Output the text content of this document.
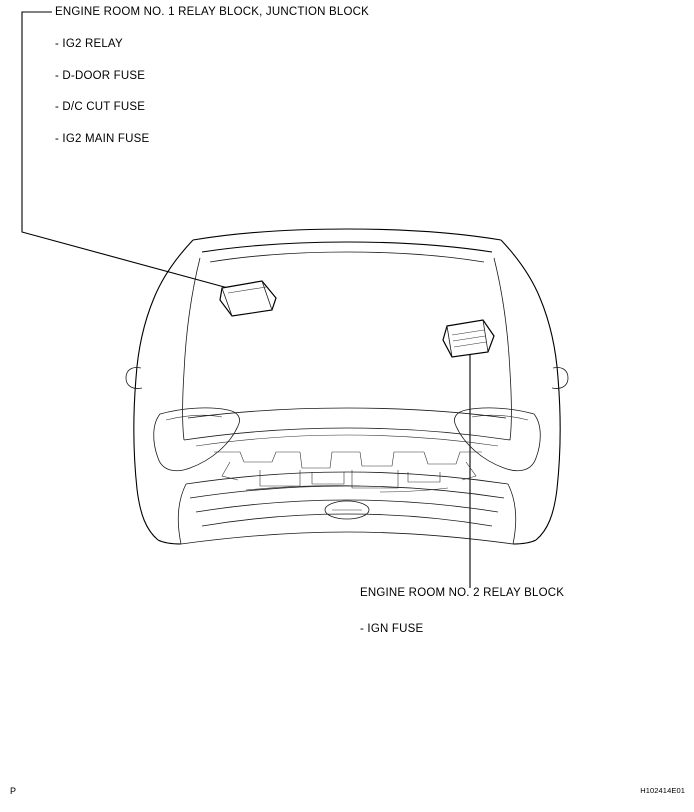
ENGINE ROOM NO. 1 RELAY BLOCK, JUNCTION BLOCK
- IG2 RELAY
- D-DOOR FUSE
- D/C CUT FUSE
- IG2 MAIN FUSE
ENGINE ROOM NO. 2 RELAY BLOCK
- IGN FUSE
P	H102414E01
